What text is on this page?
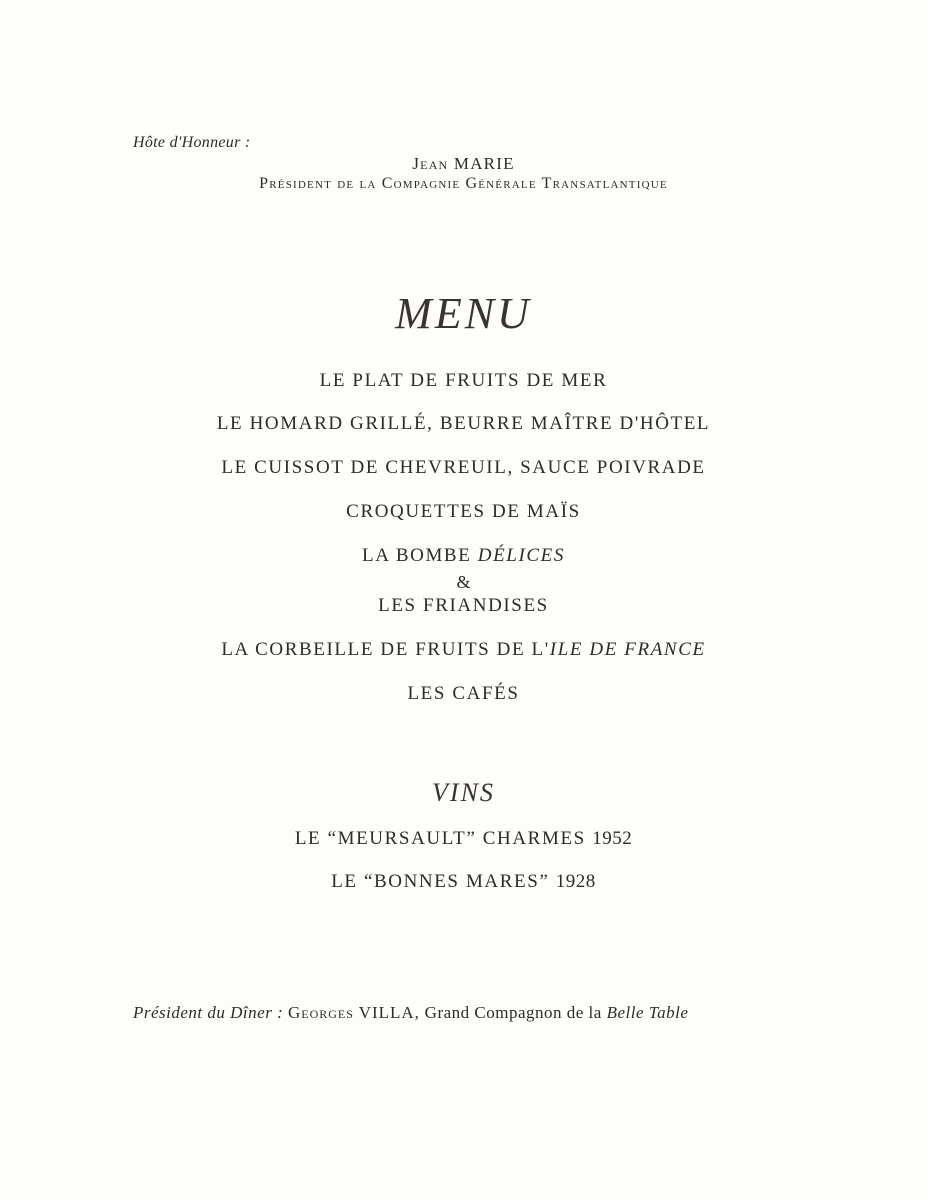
Hôte d'Honneur :
Jean MARIE
Président de la Compagnie Générale Transatlantique
MENU
LE PLAT DE FRUITS DE MER
LE HOMARD GRILLÉ, BEURRE MAÎTRE D'HÔTEL
LE CUISSOT DE CHEVREUIL, SAUCE POIVRADE
CROQUETTES DE MAÏS
LA BOMBE DÉLICES
&
LES FRIANDISES
LA CORBEILLE DE FRUITS DE L'ILE DE FRANCE
LES CAFÉS
VINS
LE “MEURSAULT” CHARMES 1952
LE “BONNES MARES” 1928
Président du Dîner : Georges VILLA, Grand Compagnon de la Belle Table
